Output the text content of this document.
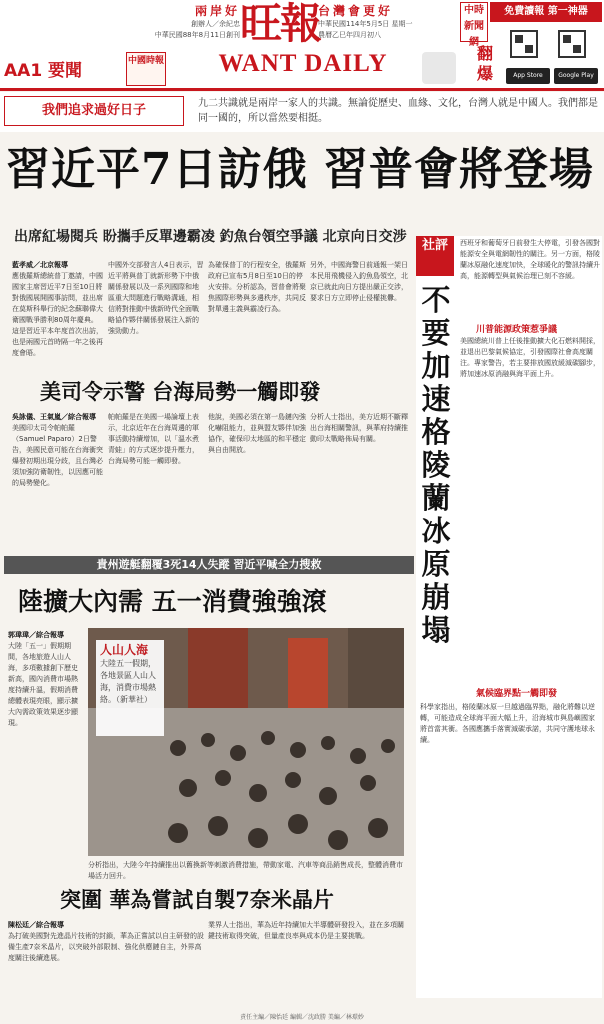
兩岸好
創辦人／余紀忠
中華民國88年8月11日創刊 旺報
WANT DAILY
台灣會更好
中華民國114年5月5日 星期一
農曆乙巳年四月初八
AA1 要聞	中國時報
中時新聞網
免費讀報 第一神器
翻爆	App Store	Google Play
我們追求過好日子	九二共識就是兩岸一家人的共識。無論從歷史、血緣、文化，台灣人就是中國人。我們都是同一國的，所以當然要相挺。
習近平7日訪俄 習普會將登場
出席紅場閱兵 盼攜手反單邊霸凌 釣魚台領空爭議 北京向日交涉
藍孝威／北京報導
應俄羅斯總統普丁邀請，中國國家主席習近平7日至10日將對俄國展開國事訪問，並出席在莫斯科舉行的紀念蘇聯偉大衛國戰爭勝利80周年慶典。這是習近平本年度首次出訪，也是兩國元首時隔一年之後再度會晤。
中國外交部發言人4日表示，習近平將與普丁就新形勢下中俄關係發展以及一系列國際和地區重大問題進行戰略溝通，相信將對推動中俄新時代全面戰略協作夥伴關係發展注入新的強勁動力。
為確保普丁的行程安全，俄羅斯政府已宣布5月8日至10日的停火安排。分析認為，習普會將聚焦國際形勢與多邊秩序，共同反對單邊主義與霸凌行為。
另外，中國海警日前通報一架日本民用飛機侵入釣魚島領空，北京已就此向日方提出嚴正交涉，要求日方立即停止侵權挑釁。
美司令示警 台海局勢一觸即發
吳詠儀、王氣嵐／綜合報導
美國印太司令帕帕羅（Samuel Paparo）2日警告，美國民意可能在台海衝突爆發初期出現分歧，且台灣必須加強防衛韌性，以因應可能的局勢變化。
帕帕羅是在美國一場論壇上表示，北京近年在台海周邊的軍事活動持續增加，以「溫水煮青蛙」的方式逐步提升壓力，台海局勢可能一觸即發。
他說，美國必須在第一島鏈內強化嚇阻能力，並與盟友夥伴加強協作，確保印太地區的和平穩定與自由開放。
分析人士指出，美方近期不斷釋出台海相關警訊，與華府持續推動印太戰略佈局有關。
貴州遊艇翻覆3死14人失蹤 習近平喊全力搜救
陸擴大內需 五一消費強強滾
郭瑋瑋／綜合報導
大陸「五一」假期期間，各地旅遊人山人海，多項數據創下歷史新高，國內消費市場熱度持續升溫，假期消費總體表現亮眼，顯示擴大內需政策效果逐步顯現。
人山人海
大陸五一假期，各地景區人山人海，消費市場熱絡。（新華社）
分析指出，大陸今年持續推出以舊換新等刺激消費措施，帶動家電、汽車等商品銷售成長，整體消費市場活力回升。
突圍 華為嘗試自製7奈米晶片
陳松廷／綜合報導
為打破美國對先進晶片技術的封鎖，華為正嘗試以自主研發的設備生產7奈米晶片，以突破外部限制、強化供應鏈自主，外界高度關注後續進展。
業界人士指出，華為近年持續加大半導體研發投入，並在多項關鍵技術取得突破，但量產良率與成本仍是主要挑戰。
社評
不要加速格陵蘭冰原崩塌
西班牙和葡萄牙日前發生大停電，引發各國對能源安全與電網韌性的關注。另一方面，格陵蘭冰原融化速度加快，全球暖化的警訊持續升高，能源轉型與氣候治理已刻不容緩。
川普能源政策惹爭議
美國總統川普上任後推動擴大化石燃料開採，並退出巴黎氣候協定，引發國際社會高度關注。專家警告，若主要排放國放緩減碳腳步，將加速冰原消融與海平面上升。
氣候臨界點一觸即發
科學家指出，格陵蘭冰原一旦越過臨界點，融化將難以逆轉，可能造成全球海平面大幅上升，沿海城市與島嶼國家將首當其衝。各國應攜手落實減碳承諾，共同守護地球永續。
責任主編／陳怡廷 編輯／沈政勝 美編／林璟妙
